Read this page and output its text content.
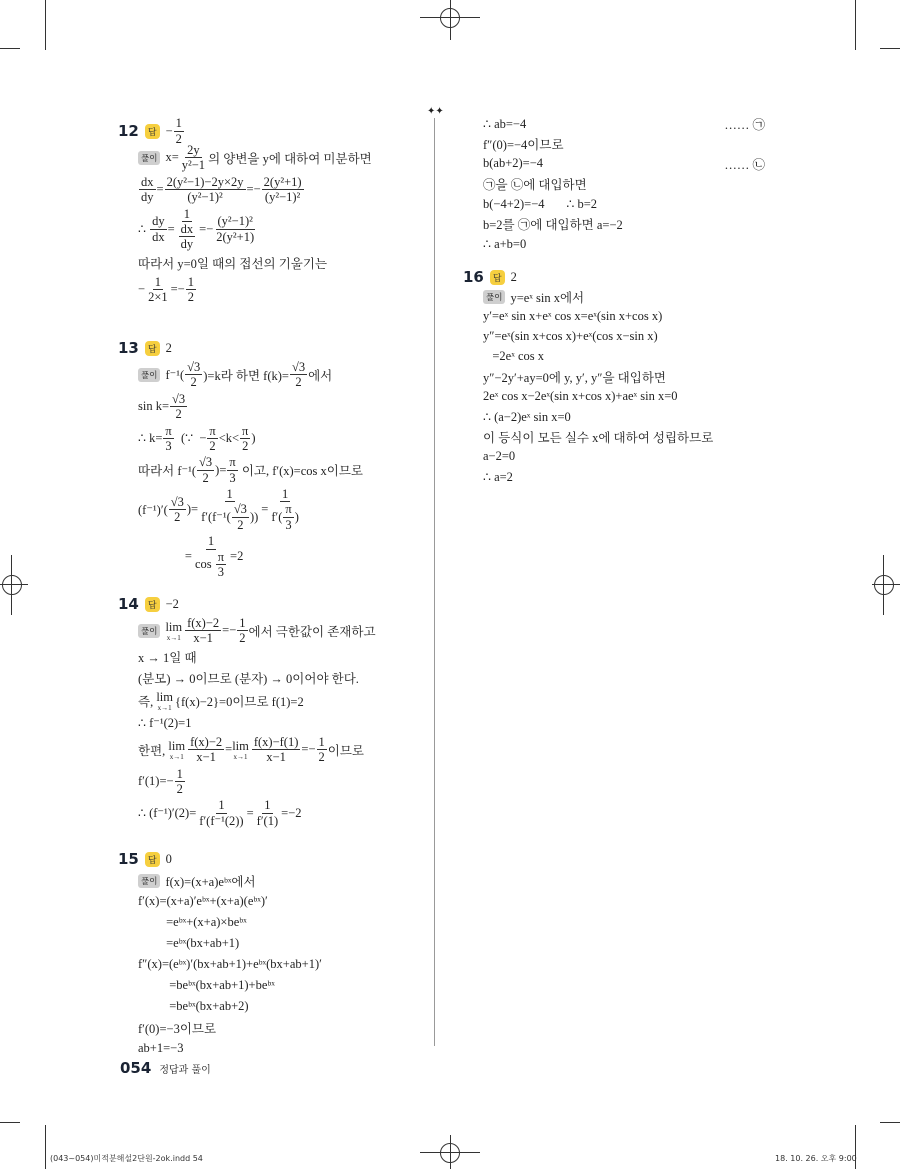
✦✦
12	답 − $\frac{1}{2}$
풀이 $x= \frac{2y}{\text{y²−1}}$ 의 양변을 y에 대하여 미분하면
$\frac{dx}{dy} = \frac{\text{2(y²−1)−2y×2y}}{\text{(y²−1)²}} =- \frac{\text{2(y²+1)}}{\text{(y²−1)²}}$
∴ $\frac{dy}{dx} = \frac{1}{\frac{dx}{dy}} =- \frac{\text{(y²−1)²}}{\text{2(y²+1)}}$
따라서 y=0일 때의 접선의 기울기는
− $\frac{1}{2\times 1} =- \frac{1}{2}$
13	답 2
풀이 $f^{-1}( \frac{√3}{2} )=k$라 하면 $f(k)= \frac{√3}{2}$ 에서
$\sin k= \frac{√3}{2}$
∴ $k= \frac{\pi}{3}$ (∵  − $\frac{\pi}{2} <k< \frac{\pi}{2}$ )
따라서 $f^{-1}( \frac{√3}{2}$ )= $\frac{\pi}{3}$ 이고, f′(x)=cos x이므로
$(f^{-1})'( \frac{√3}{2}$ )= $\frac{1}{f'(f^{-1}( \frac{√3}{2} ))} = \frac{1}{f'( \frac{\pi}{3} )}$
= $\frac{1}{\cos \frac{\pi}{3}} =2$
14	답 −2
풀이 lim
$x\to 1 \frac{f(x)-2}{x-1} =- \frac{1}{2}$ 에서 극한값이 존재하고
x → 1일 때
(분모) → 0이므로 (분자) → 0이어야 한다.
즉, lim
x→1 {f(x)−2}=0이므로 f(1)=2
∴ f⁻¹(2)=1
한편, lim
$x\to 1 \frac{f(x)-2}{x-1} = \lim$
$x\to 1 \frac{f(x)-f(1)}{x-1} =- \frac{1}{2}$ 이므로
$f'(1)=- \frac{1}{2}$
∴ $(f^{-1})'(2)= \frac{1}{\text{f′(f⁻¹(2))}} = \frac{1}{f'(1)} =-2$
15	답 0
풀이 f(x)=(x+a)eᵇˣ에서
f′(x)=(x+a)′eᵇˣ+(x+a)(eᵇˣ)′
=eᵇˣ+(x+a)×beᵇˣ
=eᵇˣ(bx+ab+1)
f″(x)=(eᵇˣ)′(bx+ab+1)+eᵇˣ(bx+ab+1)′
=beᵇˣ(bx+ab+1)+beᵇˣ
=beᵇˣ(bx+ab+2)
f′(0)=−3이므로
ab+1=−3
∴ ab=−4	…… ㉠
f″(0)=−4이므로
b(ab+2)=−4	…… ㉡
㉠을 ㉡에 대입하면
b(−4+2)=−4       ∴ b=2
b=2를 ㉠에 대입하면 a=−2
∴ a+b=0
16	답 2
풀이 y=eˣ sin x에서
y′=eˣ sin x+eˣ cos x=eˣ(sin x+cos x)
y″=eˣ(sin x+cos x)+eˣ(cos x−sin x)
=2eˣ cos x
y″−2y′+ay=0에 y, y′, y″을 대입하면
2eˣ cos x−2eˣ(sin x+cos x)+aeˣ sin x=0
∴ (a−2)eˣ sin x=0
이 등식이 모든 실수 x에 대하여 성립하므로
a−2=0
∴ a=2
054 정답과 풀이
(043~054)미적분해설2단원-2ok.indd 54	18. 10. 26. 오후 9:00
